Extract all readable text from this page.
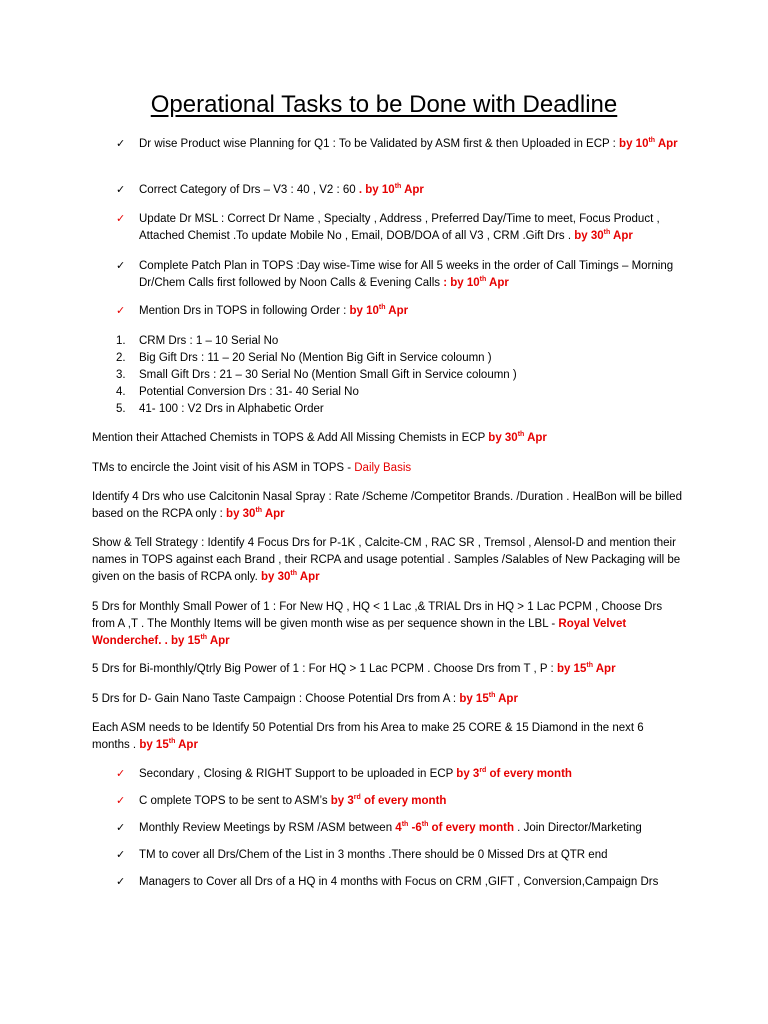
Operational Tasks to be Done with Deadline
✓ Dr wise Product wise Planning for Q1 : To be Validated by ASM first & then Uploaded in ECP : by 10th Apr
✓ Correct Category of Drs – V3 : 40 , V2 : 60 . by 10th Apr
✓ Update Dr MSL : Correct Dr Name , Specialty , Address , Preferred Day/Time to meet, Focus Product , Attached Chemist .To update Mobile No , Email, DOB/DOA of all V3 , CRM .Gift Drs . by 30th Apr
✓ Complete Patch Plan in TOPS :Day wise-Time wise for All 5 weeks in the order of Call Timings – Morning Dr/Chem Calls first followed by Noon Calls & Evening Calls : by 10th Apr
✓ Mention Drs in TOPS in following Order : by 10th Apr
1. CRM Drs : 1 – 10 Serial No
2. Big Gift Drs : 11 – 20 Serial No (Mention Big Gift in Service coloumn )
3. Small Gift Drs : 21 – 30 Serial No (Mention Small Gift in Service coloumn )
4. Potential Conversion Drs : 31- 40 Serial No
5. 41- 100 : V2 Drs in Alphabetic Order
Mention their Attached Chemists in TOPS & Add All Missing Chemists in ECP by 30th Apr
TMs to encircle the Joint visit of his ASM in TOPS - Daily Basis
Identify 4 Drs who use Calcitonin Nasal Spray : Rate /Scheme /Competitor Brands. /Duration . HealBon will be billed based on the RCPA only : by 30th Apr
Show & Tell Strategy : Identify 4 Focus Drs for P-1K , Calcite-CM , RAC SR , Tremsol , Alensol-D and mention their names in TOPS against each Brand , their RCPA and usage potential . Samples /Salables of New Packaging will be given on the basis of RCPA only. by 30th Apr
5 Drs for Monthly Small Power of 1 : For New HQ , HQ < 1 Lac ,& TRIAL Drs in HQ > 1 Lac PCPM , Choose Drs from A ,T . The Monthly Items will be given month wise as per sequence shown in the LBL - Royal Velvet Wonderchef. . by 15th Apr
5 Drs for Bi-monthly/Qtrly Big Power of 1 : For HQ > 1 Lac PCPM . Choose Drs from T , P : by 15th Apr
5 Drs for D- Gain Nano Taste Campaign : Choose Potential Drs from A : by 15th Apr
Each ASM needs to be Identify 50 Potential Drs from his Area to make 25 CORE & 15 Diamond in the next 6 months . by 15th Apr
✓ Secondary , Closing & RIGHT Support to be uploaded in ECP by 3rd of every month
✓ C omplete TOPS to be sent to ASM’s by 3rd of every month
✓ Monthly Review Meetings by RSM /ASM between 4th -6th of every month . Join Director/Marketing
✓ TM to cover all Drs/Chem of the List in 3 months .There should be 0 Missed Drs at QTR end
✓ Managers to Cover all Drs of a HQ in 4 months with Focus on CRM ,GIFT , Conversion,Campaign Drs
